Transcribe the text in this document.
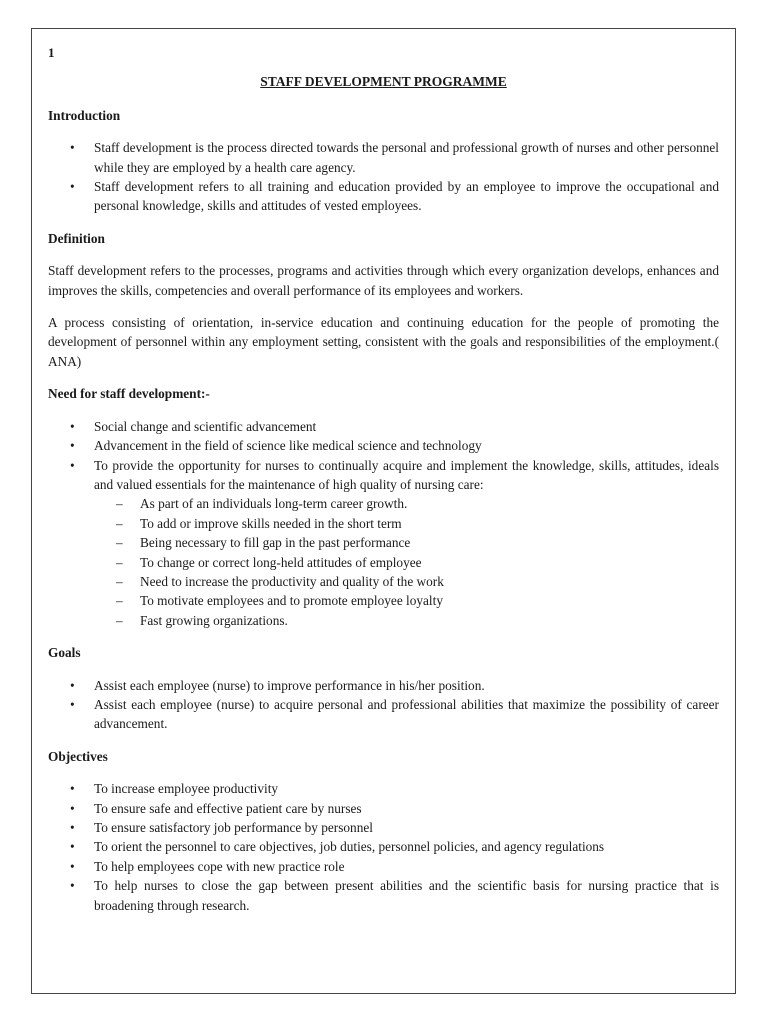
1
STAFF DEVELOPMENT PROGRAMME
Introduction
• Staff development is the process directed towards the personal and professional growth of nurses and other personnel while they are employed by a health care agency.
• Staff development refers to all training and education provided by an employee to improve the occupational and personal knowledge, skills and attitudes of vested employees.
Definition

Staff development refers to the processes, programs and activities through which every organization develops, enhances and improves the skills, competencies and overall performance of its employees and workers.

A process consisting of orientation, in-service education and continuing education for the people of promoting the development of personnel within any employment setting, consistent with the goals and responsibilities of the employment.( ANA)

Need for staff development:-
• Social change and scientific advancement
• Advancement in the field of science like medical science and technology
• To provide the opportunity for nurses to continually acquire and implement the knowledge, skills, attitudes, ideals and valued essentials for the maintenance of high quality of nursing care:
– As part of an individuals long-term career growth.
– To add or improve skills needed in the short term
– Being necessary to fill gap in the past performance
– To change or correct long-held attitudes of employee
– Need to increase the productivity and quality of the work
– To motivate employees and to promote employee loyalty
– Fast growing organizations.
Goals
• Assist each employee (nurse) to improve performance in his/her position.
• Assist each employee (nurse) to acquire personal and professional abilities that maximize the possibility of career advancement.
Objectives
• To increase employee productivity
• To ensure safe and effective patient care by nurses
• To ensure satisfactory job performance by personnel
• To orient the personnel to care objectives, job duties, personnel policies, and agency regulations
• To help employees cope with new practice role
• To help nurses to close the gap between present abilities and the scientific basis for nursing practice that is broadening through research.
